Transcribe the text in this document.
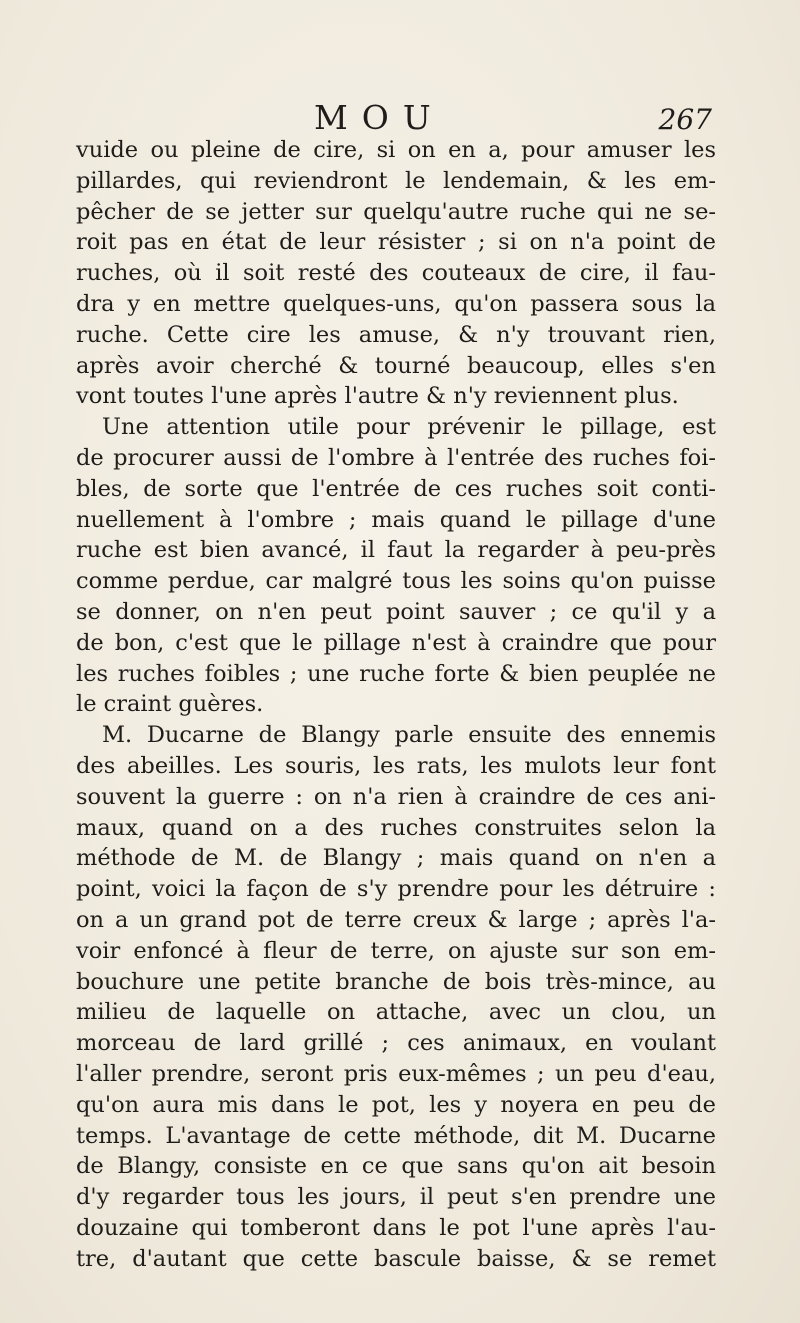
MOU	267
vuide ou pleine de cire, si on en a, pour amuser les
pillardes, qui reviendront le lendemain, & les em-
pêcher de se jetter sur quelqu'autre ruche qui ne se-
roit pas en état de leur résister ; si on n'a point de
ruches, où il soit resté des couteaux de cire, il fau-
dra y en mettre quelques-uns, qu'on passera sous la
ruche. Cette cire les amuse, & n'y trouvant rien,
après avoir cherché & tourné beaucoup, elles s'en
vont toutes l'une après l'autre & n'y reviennent plus.
Une attention utile pour prévenir le pillage, est
de procurer aussi de l'ombre à l'entrée des ruches foi-
bles, de sorte que l'entrée de ces ruches soit conti-
nuellement à l'ombre ; mais quand le pillage d'une
ruche est bien avancé, il faut la regarder à peu-près
comme perdue, car malgré tous les soins qu'on puisse
se donner, on n'en peut point sauver ; ce qu'il y a
de bon, c'est que le pillage n'est à craindre que pour
les ruches foibles ; une ruche forte & bien peuplée ne
le craint guères.
M. Ducarne de Blangy parle ensuite des ennemis
des abeilles. Les souris, les rats, les mulots leur font
souvent la guerre : on n'a rien à craindre de ces ani-
maux, quand on a des ruches construites selon la
méthode de M. de Blangy ; mais quand on n'en a
point, voici la façon de s'y prendre pour les détruire :
on a un grand pot de terre creux & large ; après l'a-
voir enfoncé à fleur de terre, on ajuste sur son em-
bouchure une petite branche de bois très-mince, au
milieu de laquelle on attache, avec un clou, un
morceau de lard grillé ; ces animaux, en voulant
l'aller prendre, seront pris eux-mêmes ; un peu d'eau,
qu'on aura mis dans le pot, les y noyera en peu de
temps. L'avantage de cette méthode, dit M. Ducarne
de Blangy, consiste en ce que sans qu'on ait besoin
d'y regarder tous les jours, il peut s'en prendre une
douzaine qui tomberont dans le pot l'une après l'au-
tre, d'autant que cette bascule baisse, & se remet
